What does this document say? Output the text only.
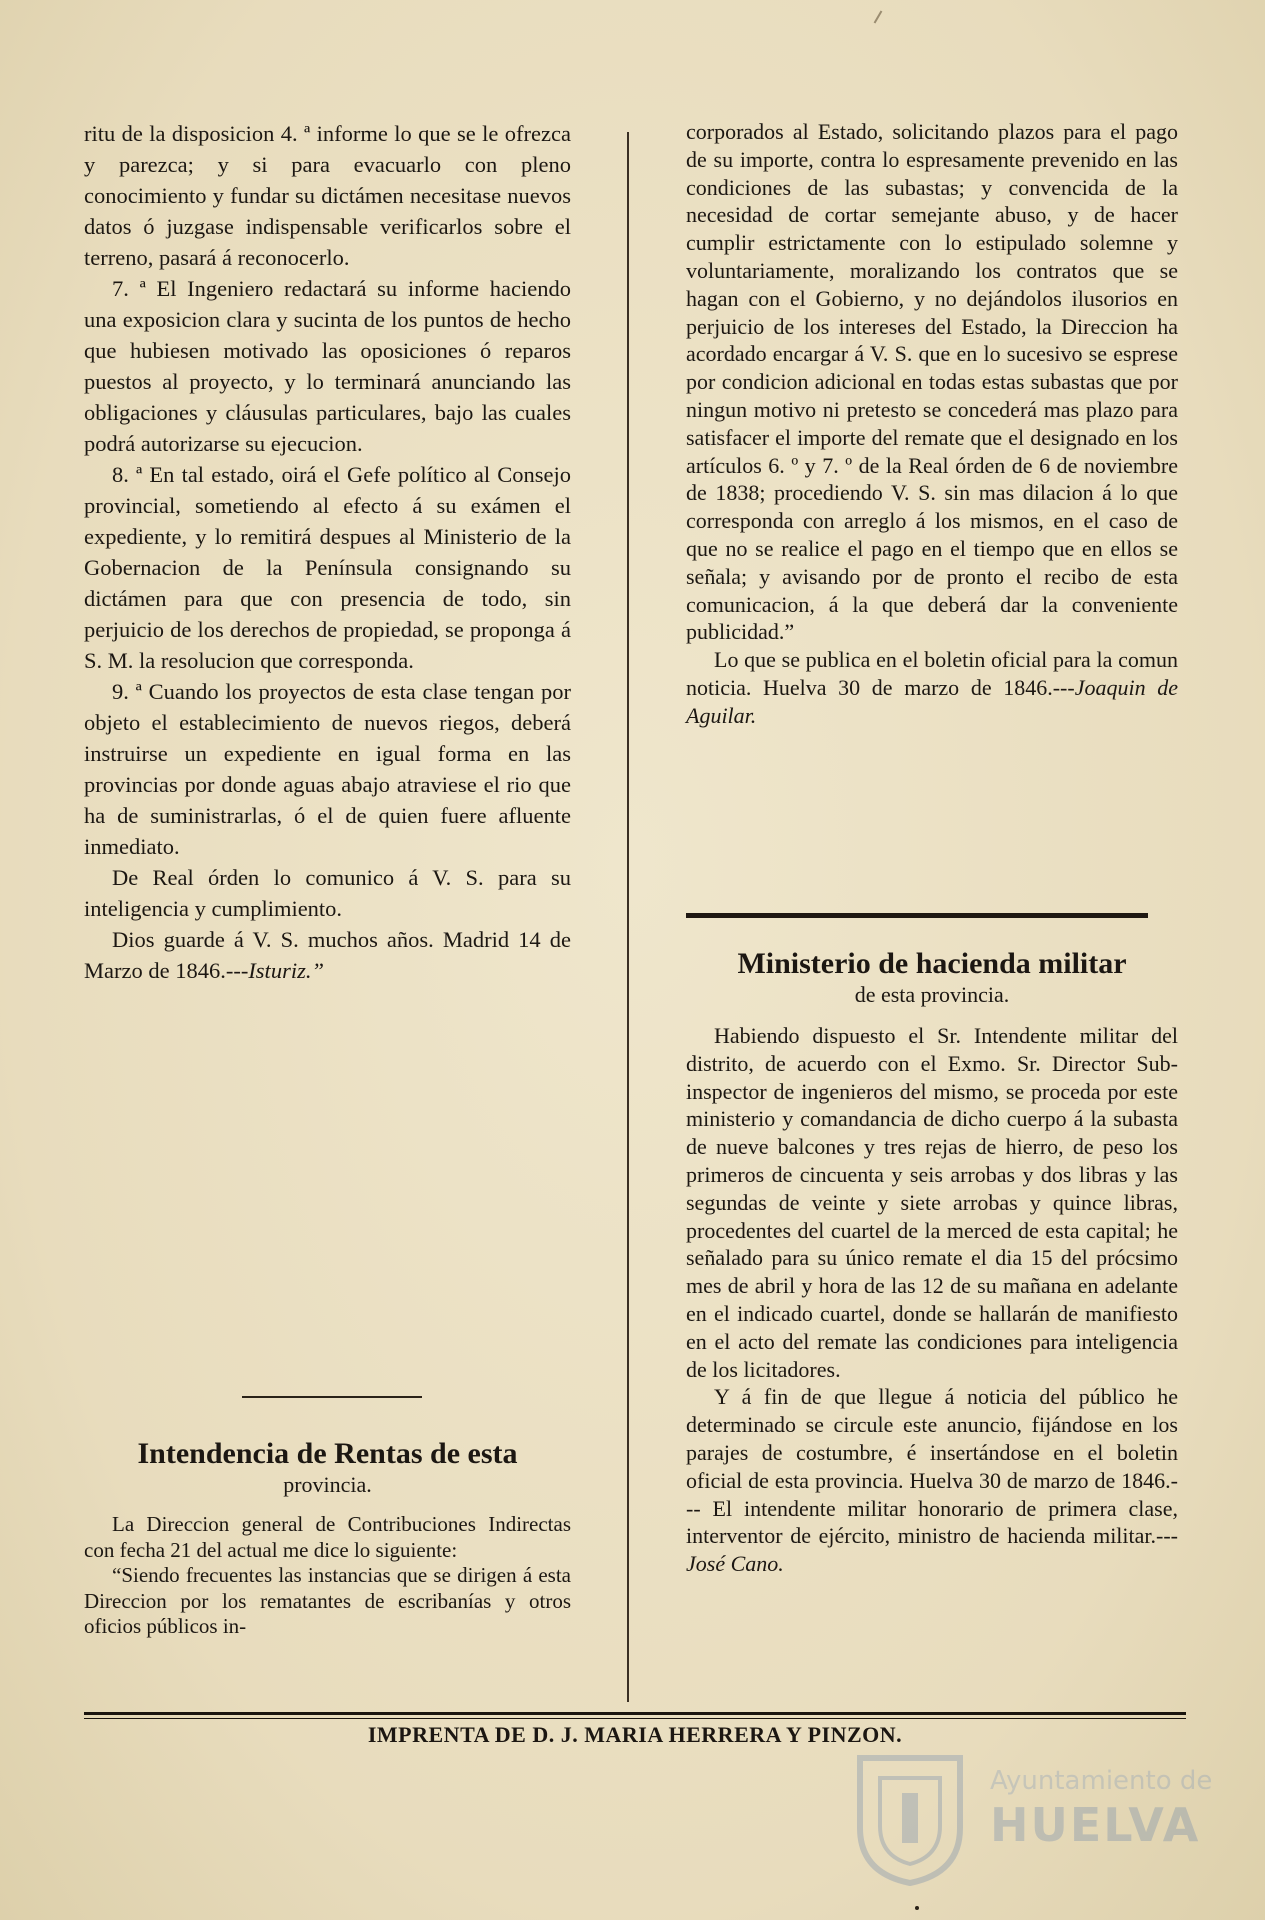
ritu de la disposicion 4. ª informe lo que se le ofrezca y parezca; y si para evacuarlo con pleno conocimiento y fundar su dictámen necesitase nuevos datos ó juzgase indispensable verificarlos sobre el terreno, pasará á reconocerlo.

7. ª El Ingeniero redactará su informe haciendo una exposicion clara y sucinta de los puntos de hecho que hubiesen motivado las oposiciones ó reparos puestos al proyecto, y lo terminará anunciando las obligaciones y cláusulas particulares, bajo las cuales podrá autorizarse su ejecucion.

8. ª En tal estado, oirá el Gefe político al Consejo provincial, sometiendo al efecto á su exámen el expediente, y lo remitirá despues al Ministerio de la Gobernacion de la Península consignando su dictámen para que con presencia de todo, sin perjuicio de los derechos de propiedad, se proponga á S. M. la resolucion que corresponda.

9. ª Cuando los proyectos de esta clase tengan por objeto el establecimiento de nuevos riegos, deberá instruirse un expediente en igual forma en las provincias por donde aguas abajo atraviese el rio que ha de suministrarlas, ó el de quien fuere afluente inmediato.

De Real órden lo comunico á V. S. para su inteligencia y cumplimiento.

Dios guarde á V. S. muchos años. Madrid 14 de Marzo de 1846.---Isturiz.”

Intendencia de Rentas de esta
provincia.

La Direccion general de Contribuciones Indirectas con fecha 21 del actual me dice lo siguiente:

“Siendo frecuentes las instancias que se dirigen á esta Direccion por los rematantes de escribanías y otros oficios públicos in-

corporados al Estado, solicitando plazos para el pago de su importe, contra lo espresamente prevenido en las condiciones de las subastas; y convencida de la necesidad de cortar semejante abuso, y de hacer cumplir estrictamente con lo estipulado solemne y voluntariamente, moralizando los contratos que se hagan con el Gobierno, y no dejándolos ilusorios en perjuicio de los intereses del Estado, la Direccion ha acordado encargar á V. S. que en lo sucesivo se esprese por condicion adicional en todas estas subastas que por ningun motivo ni pretesto se concederá mas plazo para satisfacer el importe del remate que el designado en los artículos 6. º y 7. º de la Real órden de 6 de noviembre de 1838; procediendo V. S. sin mas dilacion á lo que corresponda con arreglo á los mismos, en el caso de que no se realice el pago en el tiempo que en ellos se señala; y avisando por de pronto el recibo de esta comunicacion, á la que deberá dar la conveniente publicidad.”

Lo que se publica en el boletin oficial para la comun noticia. Huelva 30 de marzo de 1846.---Joaquin de Aguilar.

Ministerio de hacienda militar
de esta provincia.

Habiendo dispuesto el Sr. Intendente militar del distrito, de acuerdo con el Exmo. Sr. Director Sub-inspector de ingenieros del mismo, se proceda por este ministerio y comandancia de dicho cuerpo á la subasta de nueve balcones y tres rejas de hierro, de peso los primeros de cincuenta y seis arrobas y dos libras y las segundas de veinte y siete arrobas y quince libras, procedentes del cuartel de la merced de esta capital; he señalado para su único remate el dia 15 del prócsimo mes de abril y hora de las 12 de su mañana en adelante en el indicado cuartel, donde se hallarán de manifiesto en el acto del remate las condiciones para inteligencia de los licitadores.

Y á fin de que llegue á noticia del público he determinado se circule este anuncio, fijándose en los parajes de costumbre, é insertándose en el boletin oficial de esta provincia. Huelva 30 de marzo de 1846.--- El intendente militar honorario de primera clase, interventor de ejército, ministro de hacienda militar.---José Cano.

IMPRENTA DE D. J. MARIA HERRERA Y PINZON.
Ayuntamiento de
HUELVA
